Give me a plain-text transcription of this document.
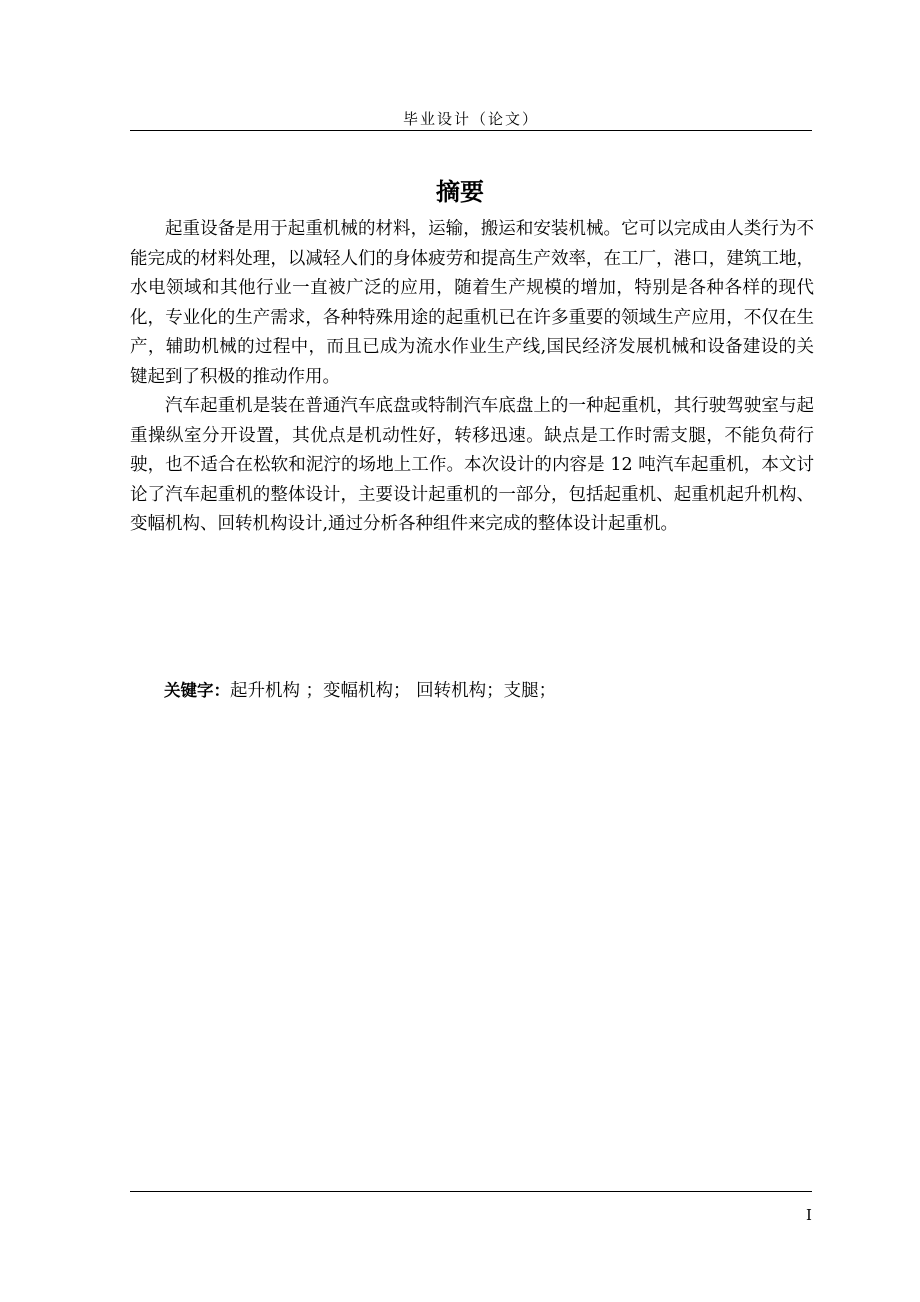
毕业设计（论文）
摘要

起重设备是用于起重机械的材料，运输，搬运和安装机械。它可以完成由人类行为不能完成的材料处理，以减轻人们的身体疲劳和提高生产效率，在工厂，港口，建筑工地，水电领域和其他行业一直被广泛的应用，随着生产规模的增加，特别是各种各样的现代化，专业化的生产需求，各种特殊用途的起重机已在许多重要的领域生产应用，不仅在生产，辅助机械的过程中，而且已成为流水作业生产线,国民经济发展机械和设备建设的关键起到了积极的推动作用。

汽车起重机是装在普通汽车底盘或特制汽车底盘上的一种起重机，其行驶驾驶室与起重操纵室分开设置，其优点是机动性好，转移迅速。缺点是工作时需支腿，不能负荷行驶，也不适合在松软和泥泞的场地上工作。本次设计的内容是 12 吨汽车起重机，本文讨论了汽车起重机的整体设计，主要设计起重机的一部分，包括起重机、起重机起升机构、变幅机构、回转机构设计,通过分析各种组件来完成的整体设计起重机。

关键字：起升机构 ；变幅机构； 回转机构；支腿；
I
